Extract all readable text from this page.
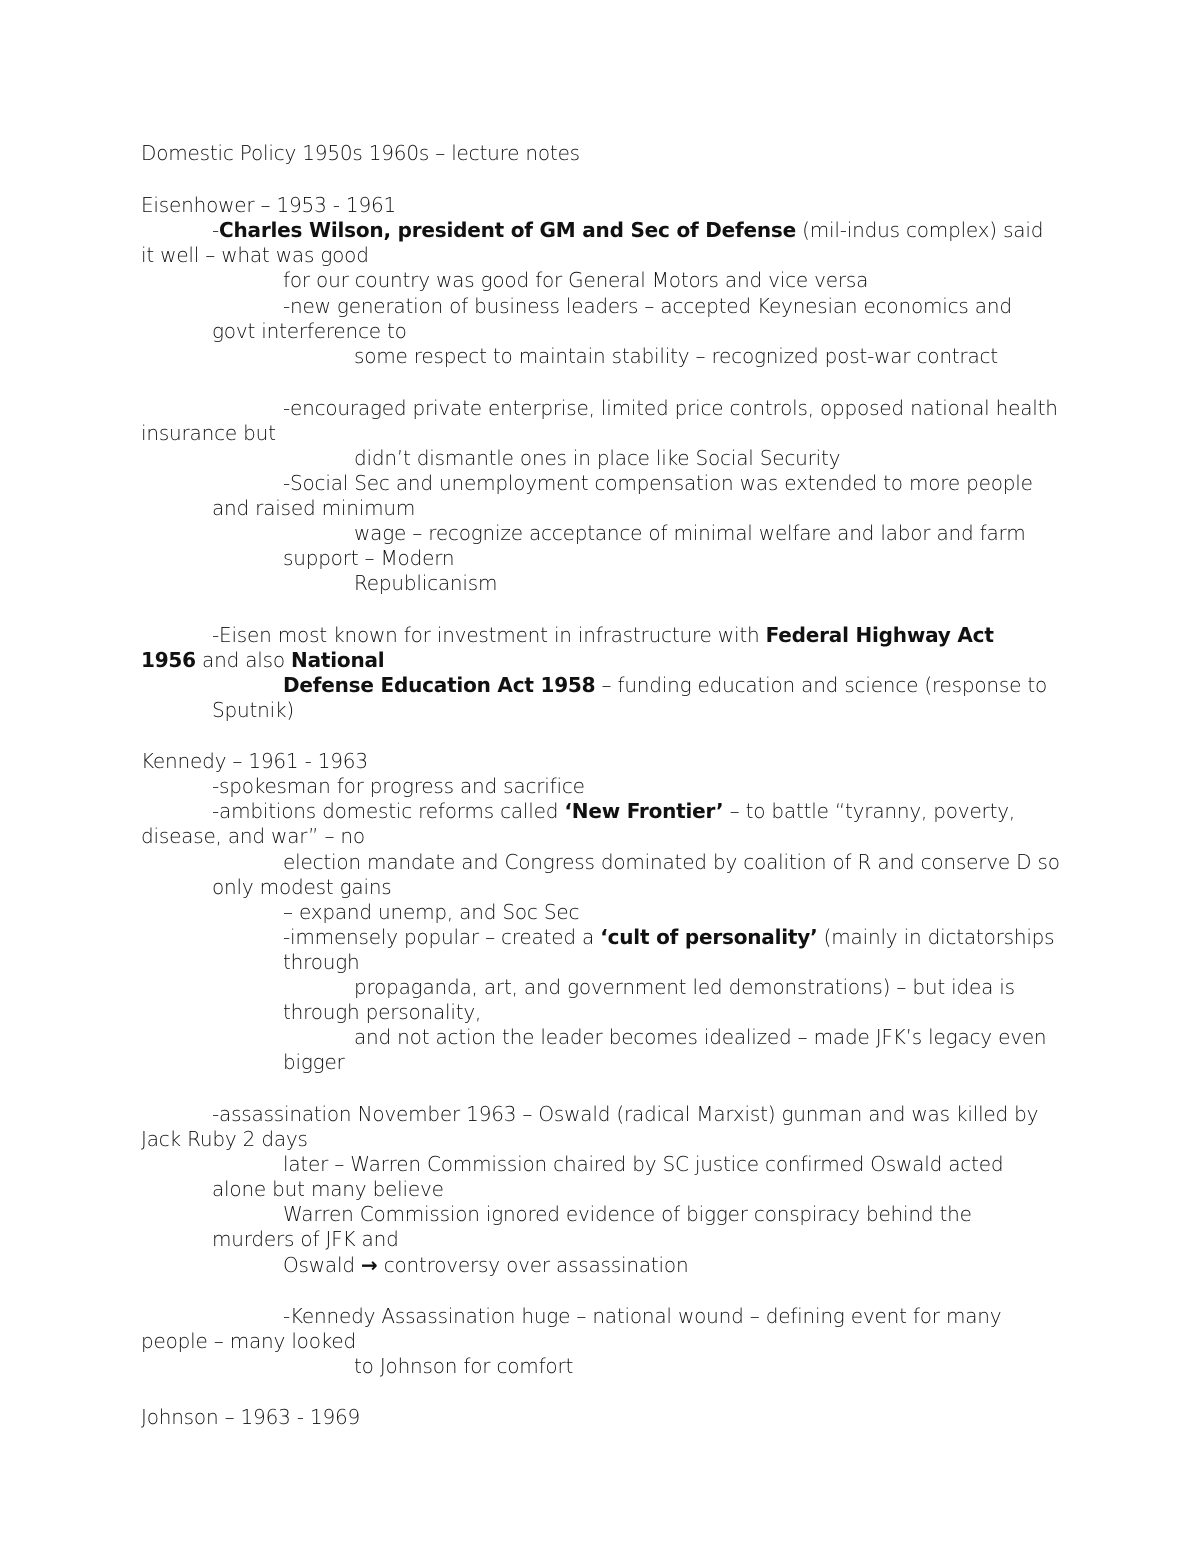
Domestic Policy 1950s 1960s – lecture notes
Eisenhower – 1953 - 1961
-Charles Wilson, president of GM and Sec of Defense (mil-indus complex) said
it well – what was good
for our country was good for General Motors and vice versa
-new generation of business leaders – accepted Keynesian economics and
govt interference to
some respect to maintain stability – recognized post-war contract
-encouraged private enterprise, limited price controls, opposed national health
insurance but
didn’t dismantle ones in place like Social Security
-Social Sec and unemployment compensation was extended to more people
and raised minimum
wage – recognize acceptance of minimal welfare and labor and farm
support – Modern
Republicanism
-Eisen most known for investment in infrastructure with Federal Highway Act
1956 and also National
Defense Education Act 1958 – funding education and science (response to
Sputnik)
Kennedy – 1961 - 1963
-spokesman for progress and sacrifice
-ambitions domestic reforms called ‘New Frontier’ – to battle “tyranny, poverty,
disease, and war” – no
election mandate and Congress dominated by coalition of R and conserve D so
only modest gains
– expand unemp, and Soc Sec
-immensely popular – created a ‘cult of personality’ (mainly in dictatorships
through
propaganda, art, and government led demonstrations) – but idea is
through personality,
and not action the leader becomes idealized – made JFK’s legacy even
bigger
-assassination November 1963 – Oswald (radical Marxist) gunman and was killed by
Jack Ruby 2 days
later – Warren Commission chaired by SC justice confirmed Oswald acted
alone but many believe
Warren Commission ignored evidence of bigger conspiracy behind the
murders of JFK and
Oswald → controversy over assassination
-Kennedy Assassination huge – national wound – defining event for many
people – many looked
to Johnson for comfort
Johnson – 1963 - 1969
